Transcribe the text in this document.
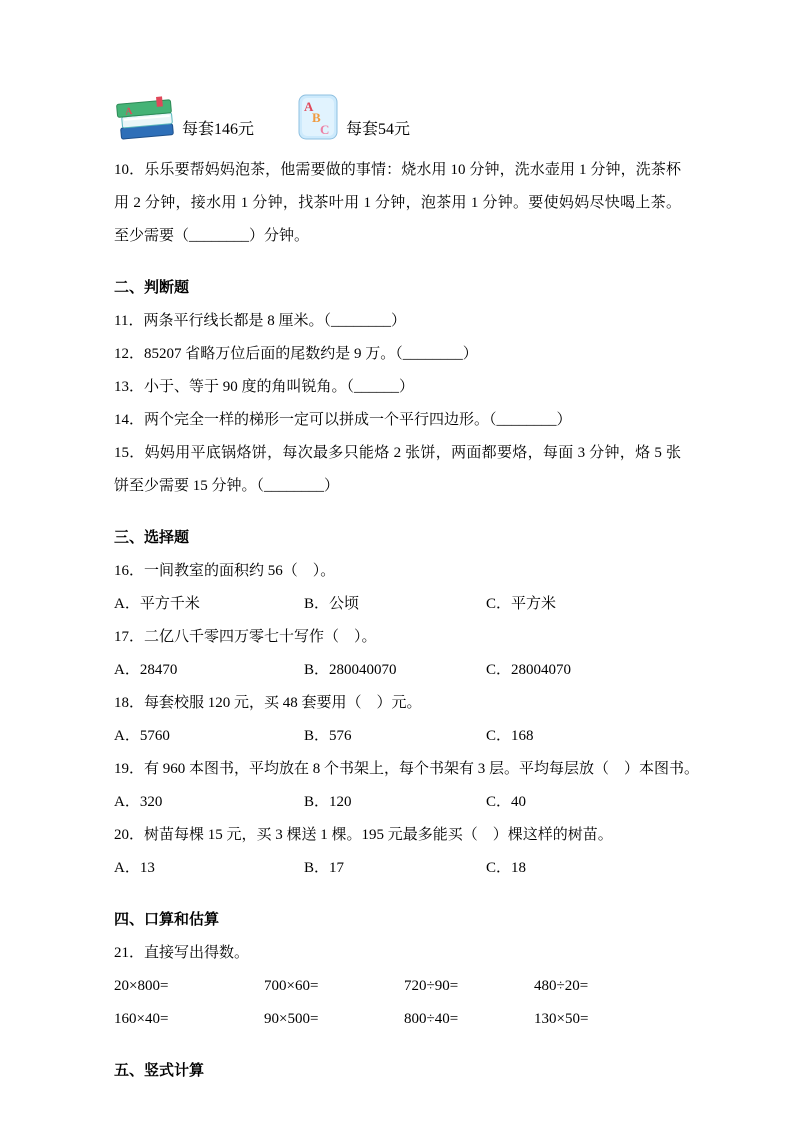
A
每套146元
A
B
C 每套54元

10．乐乐要帮妈妈泡茶，他需要做的事情：烧水用 10 分钟，洗水壶用 1 分钟，洗茶杯用 2 分钟，接水用 1 分钟，找茶叶用 1 分钟，泡茶用 1 分钟。要使妈妈尽快喝上茶。至少需要（________）分钟。

二、判断题

11．两条平行线长都是 8 厘米。（________）

12．85207 省略万位后面的尾数约是 9 万。（________）

13．小于、等于 90 度的角叫锐角。（______）

14．两个完全一样的梯形一定可以拼成一个平行四边形。（________）

15．妈妈用平底锅烙饼，每次最多只能烙 2 张饼，两面都要烙，每面 3 分钟，烙 5 张饼至少需要 15 分钟。（________）

三、选择题

16．一间教室的面积约 56（　）。

A．平方千米	B．公顷	C．平方米

17．二亿八千零四万零七十写作（　）。

A．28470	B．280040070	C．28004070

18．每套校服 120 元，买 48 套要用（　）元。

A．5760	B．576	C．168

19．有 960 本图书，平均放在 8 个书架上，每个书架有 3 层。平均每层放（　）本图书。

A．320	B．120	C．40

20．树苗每棵 15 元，买 3 棵送 1 棵。195 元最多能买（　）棵这样的树苗。

A．13	B．17	C．18
四、口算和估算

21．直接写出得数。

20×800=	700×60=	720÷90=	480÷20=
160×40=	90×500=	800÷40=	130×50=
五、竖式计算
